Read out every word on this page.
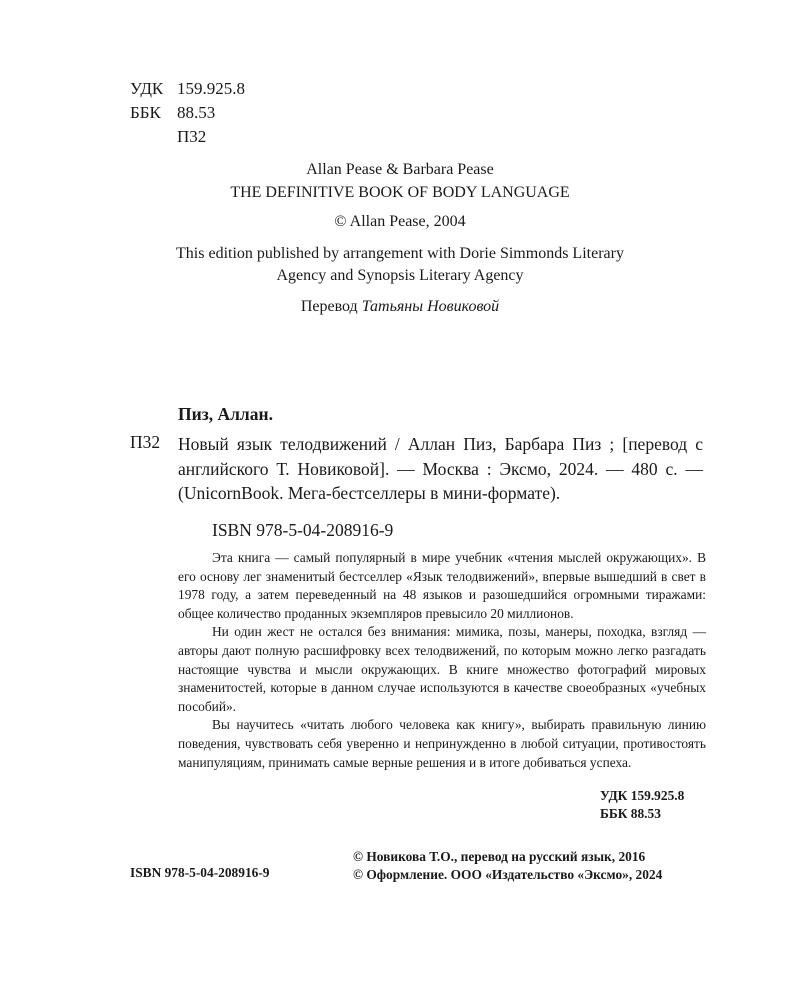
УДК 159.925.8
ББК 88.53
П32
Allan Pease & Barbara Pease
THE DEFINITIVE BOOK OF BODY LANGUAGE
© Allan Pease, 2004
This edition published by arrangement with Dorie Simmonds Literary
Agency and Synopsis Literary Agency
Перевод Татьяны Новиковой
Пиз, Аллан.
П32 Новый язык телодвижений / Аллан Пиз, Барбара Пиз ; [перевод с английского Т. Новиковой]. — Москва : Эксмо, 2024. — 480 с. — (UnicornBook. Мега-бестселлеры в мини-формате).
ISBN 978-5-04-208916-9

Эта книга — самый популярный в мире учебник «чтения мыслей окружающих». В его основу лег знаменитый бестселлер «Язык телодвижений», впервые вышедший в свет в 1978 году, а затем переведенный на 48 языков и разошедшийся огромными тиражами: общее количество проданных экземпляров превысило 20 миллионов.

Ни один жест не остался без внимания: мимика, позы, манеры, походка, взгляд — авторы дают полную расшифровку всех телодвижений, по которым можно легко разгадать настоящие чувства и мысли окружающих. В книге множество фотографий мировых знаменитостей, которые в данном случае используются в качестве своеобразных «учебных пособий».

Вы научитесь «читать любого человека как книгу», выбирать правильную линию поведения, чувствовать себя уверенно и непринужденно в любой ситуации, противостоять манипуляциям, принимать самые верные решения и в итоге добиваться успеха.

УДК 159.925.8
ББК 88.53
ISBN 978-5-04-208916-9
© Новикова Т.О., перевод на русский язык, 2016
© Оформление. ООО «Издательство «Эксмо», 2024
